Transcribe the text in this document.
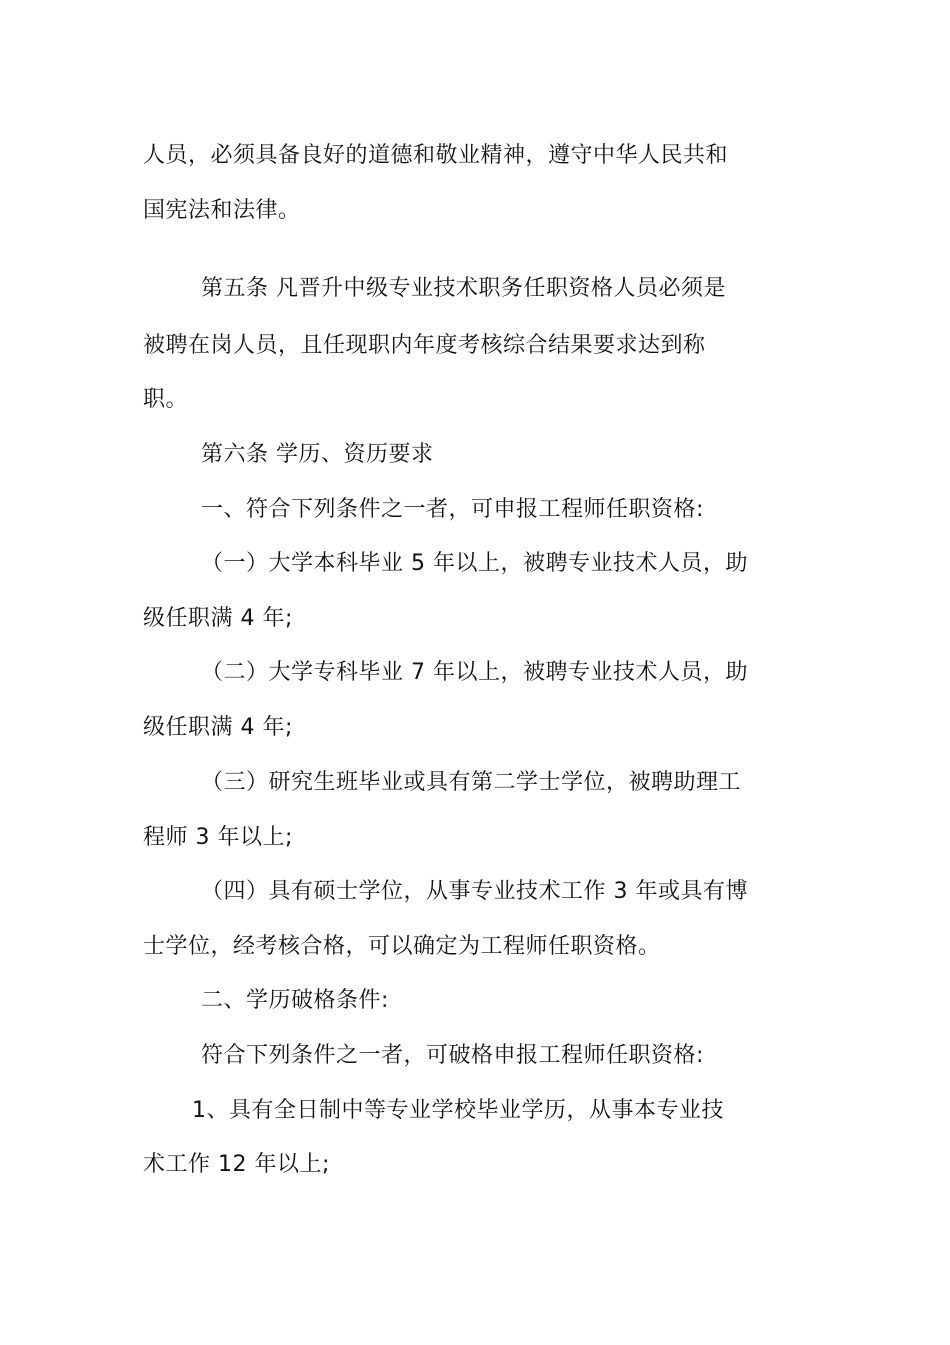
人员，必须具备良好的道德和敬业精神，遵守中华人民共和
国宪法和法律。
第五条 凡晋升中级专业技术职务任职资格人员必须是
被聘在岗人员，且任现职内年度考核综合结果要求达到称
职。
第六条 学历、资历要求
一、符合下列条件之一者，可申报工程师任职资格:
（一）大学本科毕业 5 年以上，被聘专业技术人员，助
级任职满 4 年;
（二）大学专科毕业 7 年以上，被聘专业技术人员，助
级任职满 4 年;
（三）研究生班毕业或具有第二学士学位，被聘助理工
程师 3 年以上;
（四）具有硕士学位，从事专业技术工作 3 年或具有博
士学位，经考核合格，可以确定为工程师任职资格。
二、学历破格条件:
符合下列条件之一者，可破格申报工程师任职资格:
1、具有全日制中等专业学校毕业学历，从事本专业技
术工作 12 年以上;
